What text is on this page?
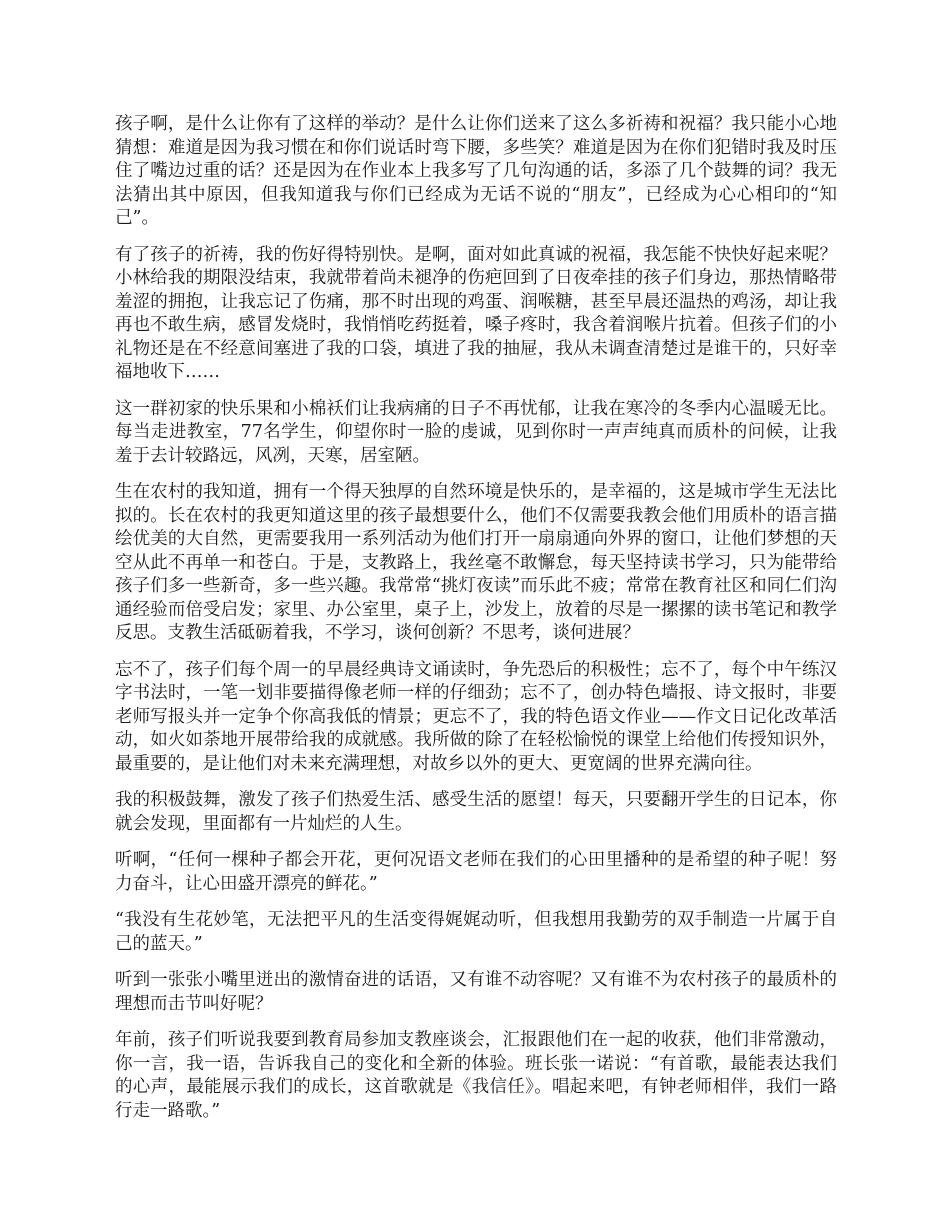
孩子啊，是什么让你有了这样的举动？是什么让你们送来了这么多祈祷和祝福？我只能小心地猜想：难道是因为我习惯在和你们说话时弯下腰，多些笑？难道是因为在你们犯错时我及时压住了嘴边过重的话？还是因为在作业本上我多写了几句沟通的话，多添了几个鼓舞的词？我无法猜出其中原因，但我知道我与你们已经成为无话不说的“朋友”，已经成为心心相印的“知己”。

有了孩子的祈祷，我的伤好得特别快。是啊，面对如此真诚的祝福，我怎能不快快好起来呢？小林给我的期限没结束，我就带着尚未褪净的伤疤回到了日夜牵挂的孩子们身边，那热情略带羞涩的拥抱，让我忘记了伤痛，那不时出现的鸡蛋、润喉糖，甚至早晨还温热的鸡汤，却让我再也不敢生病，感冒发烧时，我悄悄吃药挺着，嗓子疼时，我含着润喉片抗着。但孩子们的小礼物还是在不经意间塞进了我的口袋，填进了我的抽屉，我从未调查清楚过是谁干的，只好幸福地收下……

这一群初家的快乐果和小棉袄们让我病痛的日子不再忧郁，让我在寒冷的冬季内心温暖无比。每当走进教室，77名学生，仰望你时一脸的虔诚，见到你时一声声纯真而质朴的问候，让我羞于去计较路远，风冽，天寒，居室陋。

生在农村的我知道，拥有一个得天独厚的自然环境是快乐的，是幸福的，这是城市学生无法比拟的。长在农村的我更知道这里的孩子最想要什么，他们不仅需要我教会他们用质朴的语言描绘优美的大自然，更需要我用一系列活动为他们打开一扇扇通向外界的窗口，让他们梦想的天空从此不再单一和苍白。于是，支教路上，我丝毫不敢懈怠，每天坚持读书学习，只为能带给孩子们多一些新奇，多一些兴趣。我常常“挑灯夜读”而乐此不疲；常常在教育社区和同仁们沟通经验而倍受启发；家里、办公室里，桌子上，沙发上，放着的尽是一摞摞的读书笔记和教学反思。支教生活砥砺着我，不学习，谈何创新？不思考，谈何进展？

忘不了，孩子们每个周一的早晨经典诗文诵读时，争先恐后的积极性；忘不了，每个中午练汉字书法时，一笔一划非要描得像老师一样的仔细劲；忘不了，创办特色墙报、诗文报时，非要老师写报头并一定争个你高我低的情景；更忘不了，我的特色语文作业——作文日记化改革活动，如火如荼地开展带给我的成就感。我所做的除了在轻松愉悦的课堂上给他们传授知识外，最重要的，是让他们对未来充满理想，对故乡以外的更大、更宽阔的世界充满向往。

我的积极鼓舞，激发了孩子们热爱生活、感受生活的愿望！每天，只要翻开学生的日记本，你就会发现，里面都有一片灿烂的人生。

听啊，“任何一棵种子都会开花，更何况语文老师在我们的心田里播种的是希望的种子呢！努力奋斗，让心田盛开漂亮的鲜花。”

“我没有生花妙笔，无法把平凡的生活变得娓娓动听，但我想用我勤劳的双手制造一片属于自己的蓝天。”

听到一张张小嘴里迸出的激情奋进的话语，又有谁不动容呢？又有谁不为农村孩子的最质朴的理想而击节叫好呢？

年前，孩子们听说我要到教育局参加支教座谈会，汇报跟他们在一起的收获，他们非常激动，你一言，我一语，告诉我自己的变化和全新的体验。班长张一诺说：“有首歌，最能表达我们的心声，最能展示我们的成长，这首歌就是《我信任》。唱起来吧，有钟老师相伴，我们一路行走一路歌。”
